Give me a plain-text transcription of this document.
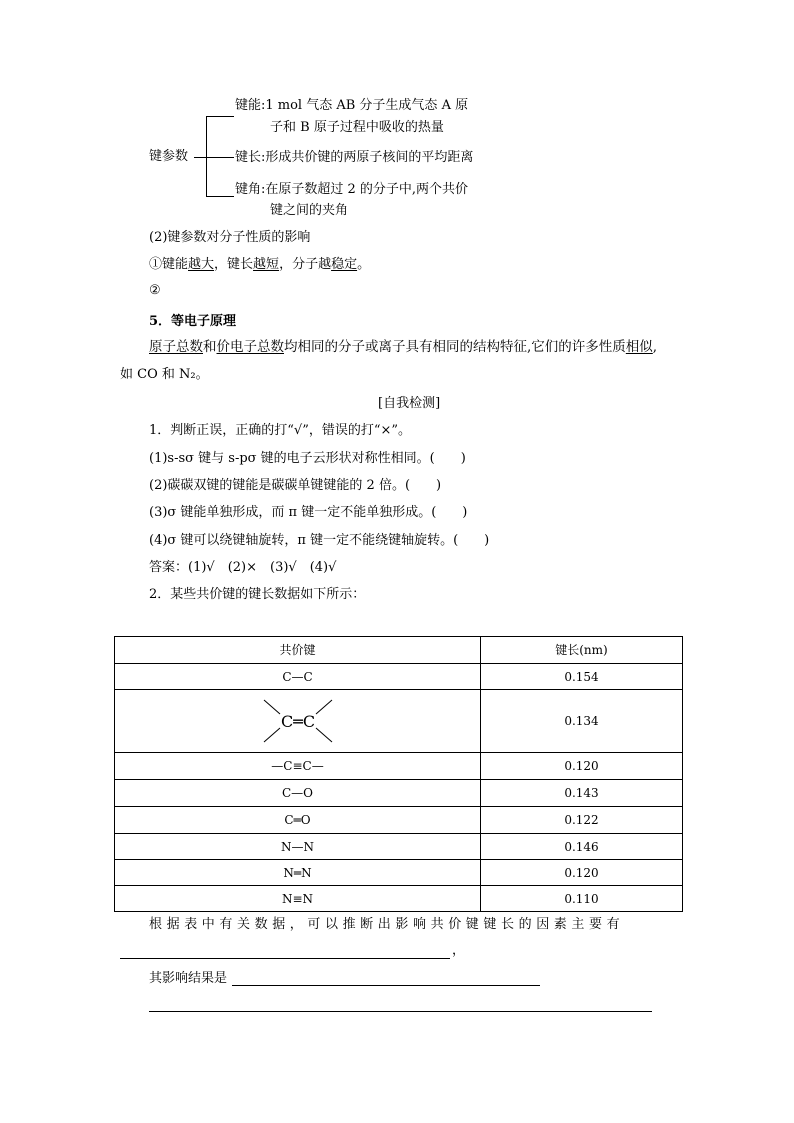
键参数
键能:1 mol 气态 AB 分子生成气态 A 原
子和 B 原子过程中吸收的热量
键长:形成共价键的两原子核间的平均距离
键角:在原子数超过 2 的分子中,两个共价
键之间的夹角
(2)键参数对分子性质的影响
①键能越大，键长越短，分子越稳定。
②
5．等电子原理
原子总数和价电子总数均相同的分子或离子具有相同的结构特征,它们的许多性质相似,
如 CO 和 N₂。
[自我检测]
1．判断正误，正确的打“√”，错误的打“×”。
(1)s-sσ 键与 s-pσ 键的电子云形状对称性相同。(　　)
(2)碳碳双键的键能是碳碳单键键能的 2 倍。(　　)
(3)σ 键能单独形成，而 π 键一定不能单独形成。(　　)
(4)σ 键可以绕键轴旋转，π 键一定不能绕键轴旋转。(　　)
答案：(1)√　(2)×　(3)√　(4)√
2．某些共价键的键长数据如下所示：
共价键	键长(nm)
C—C	0.154

C═C	0.134
—C≡C—	0.120
C—O	0.143
C═O	0.122
N—N	0.146
N═N	0.120
N≡N	0.110
根据表中有关数据，可以推断出影响共价键键长的因素主要有
，
其影响结果是
